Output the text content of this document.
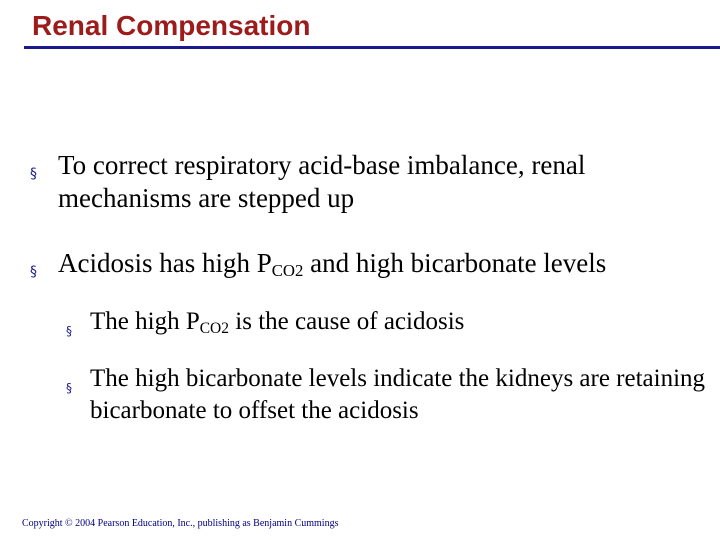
Renal Compensation
§ To correct respiratory acid-base imbalance, renal mechanisms are stepped up
§ Acidosis has high $P_{CO2}$ and high bicarbonate levels
§ The high $P_{CO2}$ is the cause of acidosis
§ The high bicarbonate levels indicate the kidneys are retaining bicarbonate to offset the acidosis
Copyright © 2004 Pearson Education, Inc., publishing as Benjamin Cummings
